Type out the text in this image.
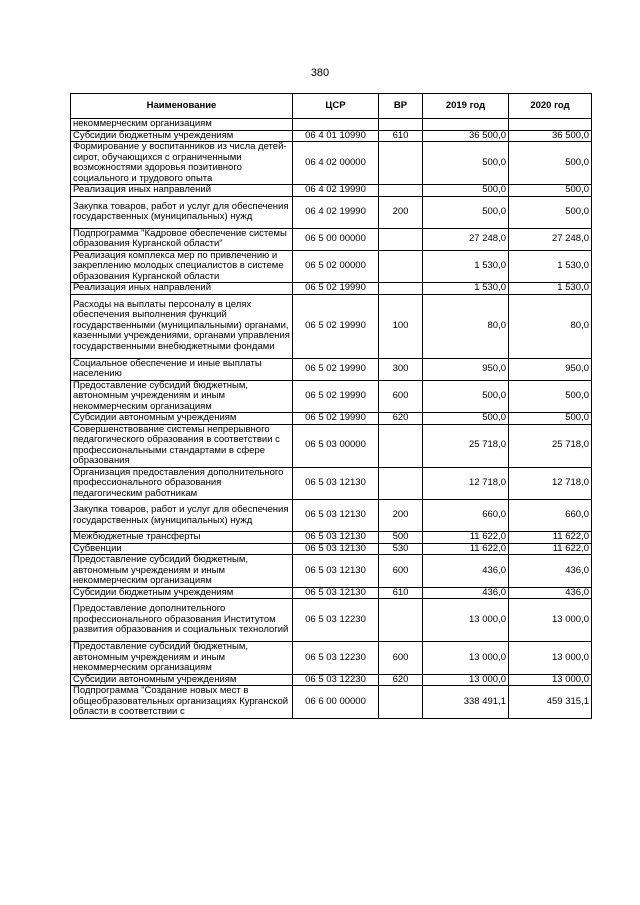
380
Наименование	ЦСР	ВР	2019 год	2020 год
некоммерческим организациям				
Субсидии бюджетным учреждениям	06 4 01 10990	610	36 500,0	36 500,0
Формирование у воспитанников из числа детей-сирот, обучающихся с ограниченными возможностями здоровья позитивного социального и трудового опыта	06 4 02 00000		500,0	500,0
Реализация иных направлений	06 4 02 19990		500,0	500,0
Закупка товаров, работ и услуг для обеспечения государственных (муниципальных) нужд	06 4 02 19990	200	500,0	500,0
Подпрограмма "Кадровое обеспечение системы образования Курганской области"	06 5 00 00000		27 248,0	27 248,0
Реализация комплекса мер по привлечению и закреплению молодых специалистов в системе образования Курганской области	06 5 02 00000		1 530,0	1 530,0
Реализация иных направлений	06 5 02 19990		1 530,0	1 530,0
Расходы на выплаты персоналу в целях обеспечения выполнения функций государственными (муниципальными) органами, казенными учреждениями, органами управления государственными внебюджетными фондами	06 5 02 19990	100	80,0	80,0
Социальное обеспечение и иные выплаты населению	06 5 02 19990	300	950,0	950,0
Предоставление субсидий бюджетным, автономным учреждениям и иным некоммерческим организациям	06 5 02 19990	600	500,0	500,0
Субсидии автономным учреждениям	06 5 02 19990	620	500,0	500,0
Совершенствование системы непрерывного педагогического образования в соответствии с профессиональными стандартами в сфере образования	06 5 03 00000		25 718,0	25 718,0
Организация предоставления дополнительного профессионального образования педагогическим работникам	06 5 03 12130		12 718,0	12 718,0
Закупка товаров, работ и услуг для обеспечения государственных (муниципальных) нужд	06 5 03 12130	200	660,0	660,0
Межбюджетные трансферты	06 5 03 12130	500	11 622,0	11 622,0
Субвенции	06 5 03 12130	530	11 622,0	11 622,0
Предоставление субсидий бюджетным, автономным учреждениям и иным некоммерческим организациям	06 5 03 12130	600	436,0	436,0
Субсидии бюджетным учреждениям	06 5 03 12130	610	436,0	436,0
Предоставление дополнительного профессионального образования Институтом развития образования и социальных технологий	06 5 03 12230		13 000,0	13 000,0
Предоставление субсидий бюджетным, автономным учреждениям и иным некоммерческим организациям	06 5 03 12230	600	13 000,0	13 000,0
Субсидии автономным учреждениям	06 5 03 12230	620	13 000,0	13 000,0
Подпрограмма "Создание новых мест в общеобразовательных организациях Курганской области в соответствии с	06 6 00 00000		338 491,1	459 315,1
